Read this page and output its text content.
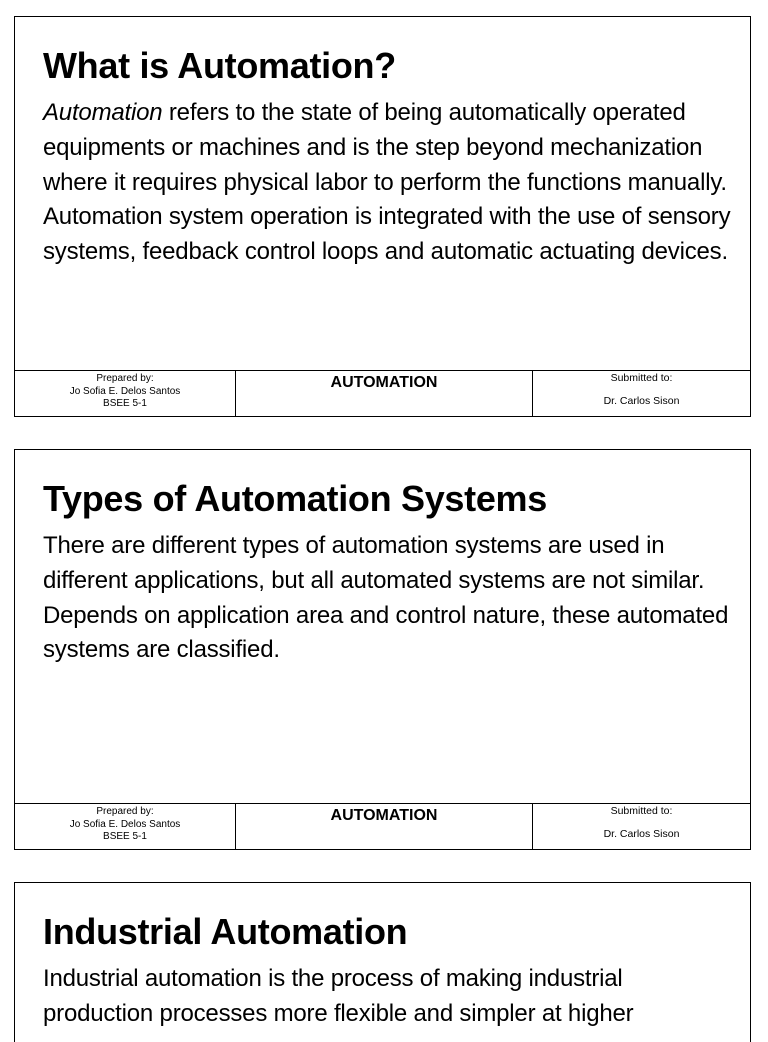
What is Automation?

Automation refers to the state of being automatically operated equipments or machines and is the step beyond mechanization where it requires physical labor to perform the functions manually. Automation system operation is integrated with the use of sensory systems, feedback control loops and automatic actuating devices.

Prepared by:
Jo Sofia E. Delos Santos
BSEE 5-1
AUTOMATION	Submitted to:
Dr. Carlos Sison
Types of Automation Systems

There are different types of automation systems are used in different applications, but all automated systems are not similar. Depends on application area and control nature, these automated systems are classified.

Prepared by:
Jo Sofia E. Delos Santos
BSEE 5-1
AUTOMATION	Submitted to:
Dr. Carlos Sison
Industrial Automation

Industrial automation is the process of making industrial production processes more flexible and simpler at higher
